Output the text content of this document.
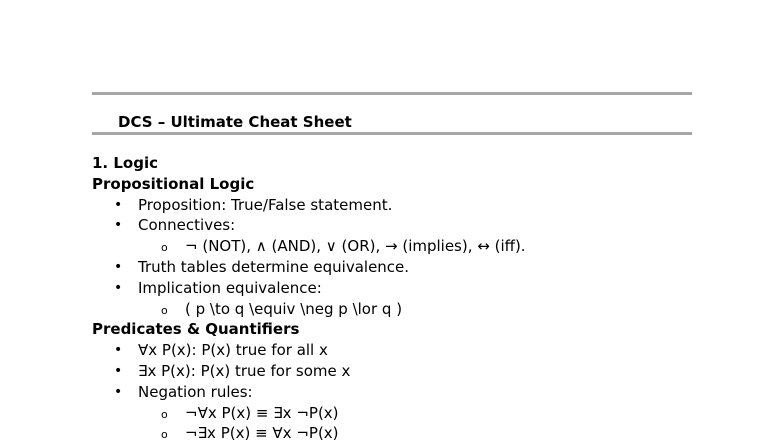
DCS – Ultimate Cheat Sheet
1. Logic
Propositional Logic
• Proposition: True/False statement.
• Connectives:
o ¬ (NOT), ∧ (AND), ∨ (OR), → (implies), ↔ (iff).
• Truth tables determine equivalence.
• Implication equivalence:
o ( p \to q \equiv \neg p \lor q )
Predicates & Quantifiers
• ∀x P(x): P(x) true for all x
• ∃x P(x): P(x) true for some x
• Negation rules:
o ¬∀x P(x) ≡ ∃x ¬P(x)
o ¬∃x P(x) ≡ ∀x ¬P(x)
